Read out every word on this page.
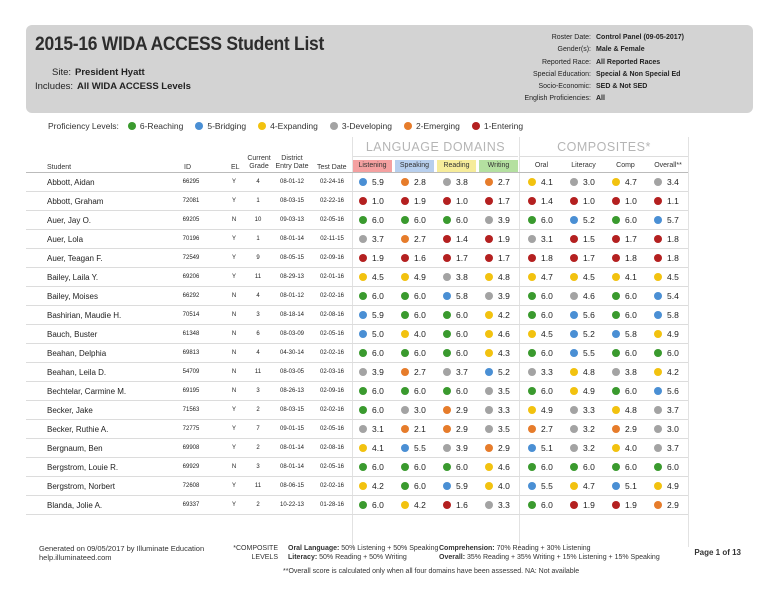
2015-16 WIDA ACCESS Student List
Site: President Hyatt
Includes: All WIDA ACCESS Levels
Roster Date: Control Panel (09-05-2017)
Gender(s): Male & Female
Reported Race: All Reported Races
Special Education: Special & Non Special Ed
Socio-Economic: SED & Not SED
English Proficiencies: All
Proficiency Levels: 6-Reaching	5-Bridging	4-Expanding	3-Developing	2-Emerging	1-Entering
LANGUAGE DOMAINS	COMPOSITES*
Student	ID	EL
Current
Grade
District
Entry Date Test Date	Listening	Speaking	Reading	Writing	Oral	Literacy	Comp	Overall**
Abbott, Aidan	66295	Y	4	08-01-12	02-24-16	5.9	2.8	3.8	2.7	4.1	3.0	4.7	3.4
Abbott, Graham	72081	Y	1	08-03-15	02-22-16	1.0	1.9	1.0	1.7	1.4	1.0	1.0	1.1
Auer, Jay O.	69205	N	10	09-03-13	02-05-16	6.0	6.0	6.0	3.9	6.0	5.2	6.0	5.7
Auer, Lola	70196	Y	1	08-01-14	02-11-15	3.7	2.7	1.4	1.9	3.1	1.5	1.7	1.8
Auer, Teagan F.	72549	Y	9	08-05-15	02-09-16	1.9	1.6	1.7	1.7	1.8	1.7	1.8	1.8
Bailey, Laila Y.	69206	Y	11	08-29-13	02-01-16	4.5	4.9	3.8	4.8	4.7	4.5	4.1	4.5
Bailey, Moises	66292	N	4	08-01-12	02-02-16	6.0	6.0	5.8	3.9	6.0	4.6	6.0	5.4
Bashirian, Maudie H.	70514	N	3	08-18-14	02-08-16	5.9	6.0	6.0	4.2	6.0	5.6	6.0	5.8
Bauch, Buster	61348	N	6	08-03-09	02-05-16	5.0	4.0	6.0	4.6	4.5	5.2	5.8	4.9
Beahan, Delphia	69813	N	4	04-30-14	02-02-16	6.0	6.0	6.0	4.3	6.0	5.5	6.0	6.0
Beahan, Leila D.	54709	N	11	08-03-05	02-03-16	3.9	2.7	3.7	5.2	3.3	4.8	3.8	4.2
Bechtelar, Carmine M.	69195	N	3	08-26-13	02-09-16	6.0	6.0	6.0	3.5	6.0	4.9	6.0	5.6
Becker, Jake	71563	Y	2	08-03-15	02-02-16	6.0	3.0	2.9	3.3	4.9	3.3	4.8	3.7
Becker, Ruthie A.	72775	Y	7	09-01-15	02-05-16	3.1	2.1	2.9	3.5	2.7	3.2	2.9	3.0
Bergnaum, Ben	69908	Y	2	08-01-14	02-08-16	4.1	5.5	3.9	2.9	5.1	3.2	4.0	3.7
Bergstrom, Louie R.	69929	N	3	08-01-14	02-05-16	6.0	6.0	6.0	4.6	6.0	6.0	6.0	6.0
Bergstrom, Norbert	72608	Y	11	08-06-15	02-02-16	4.2	6.0	5.9	4.0	5.5	4.7	5.1	4.9
Blanda, Jolie A.	69337	Y	2	10-22-13	01-28-16	6.0	4.2	1.6	3.3	6.0	1.9	1.9	2.9
Generated on 09/05/2017 by Illuminate Education
help.illuminateed.com
*COMPOSITE
LEVELS
Oral Language: 50% Listening + 50% Speaking
Literacy: 50% Reading + 50% Writing
Comprehension: 70% Reading + 30% Listening
Overall: 35% Reading + 35% Writing + 15% Listening + 15% Speaking
**Overall score is calculated only when all four domains have been assessed. NA: Not available
Page 1 of 13
